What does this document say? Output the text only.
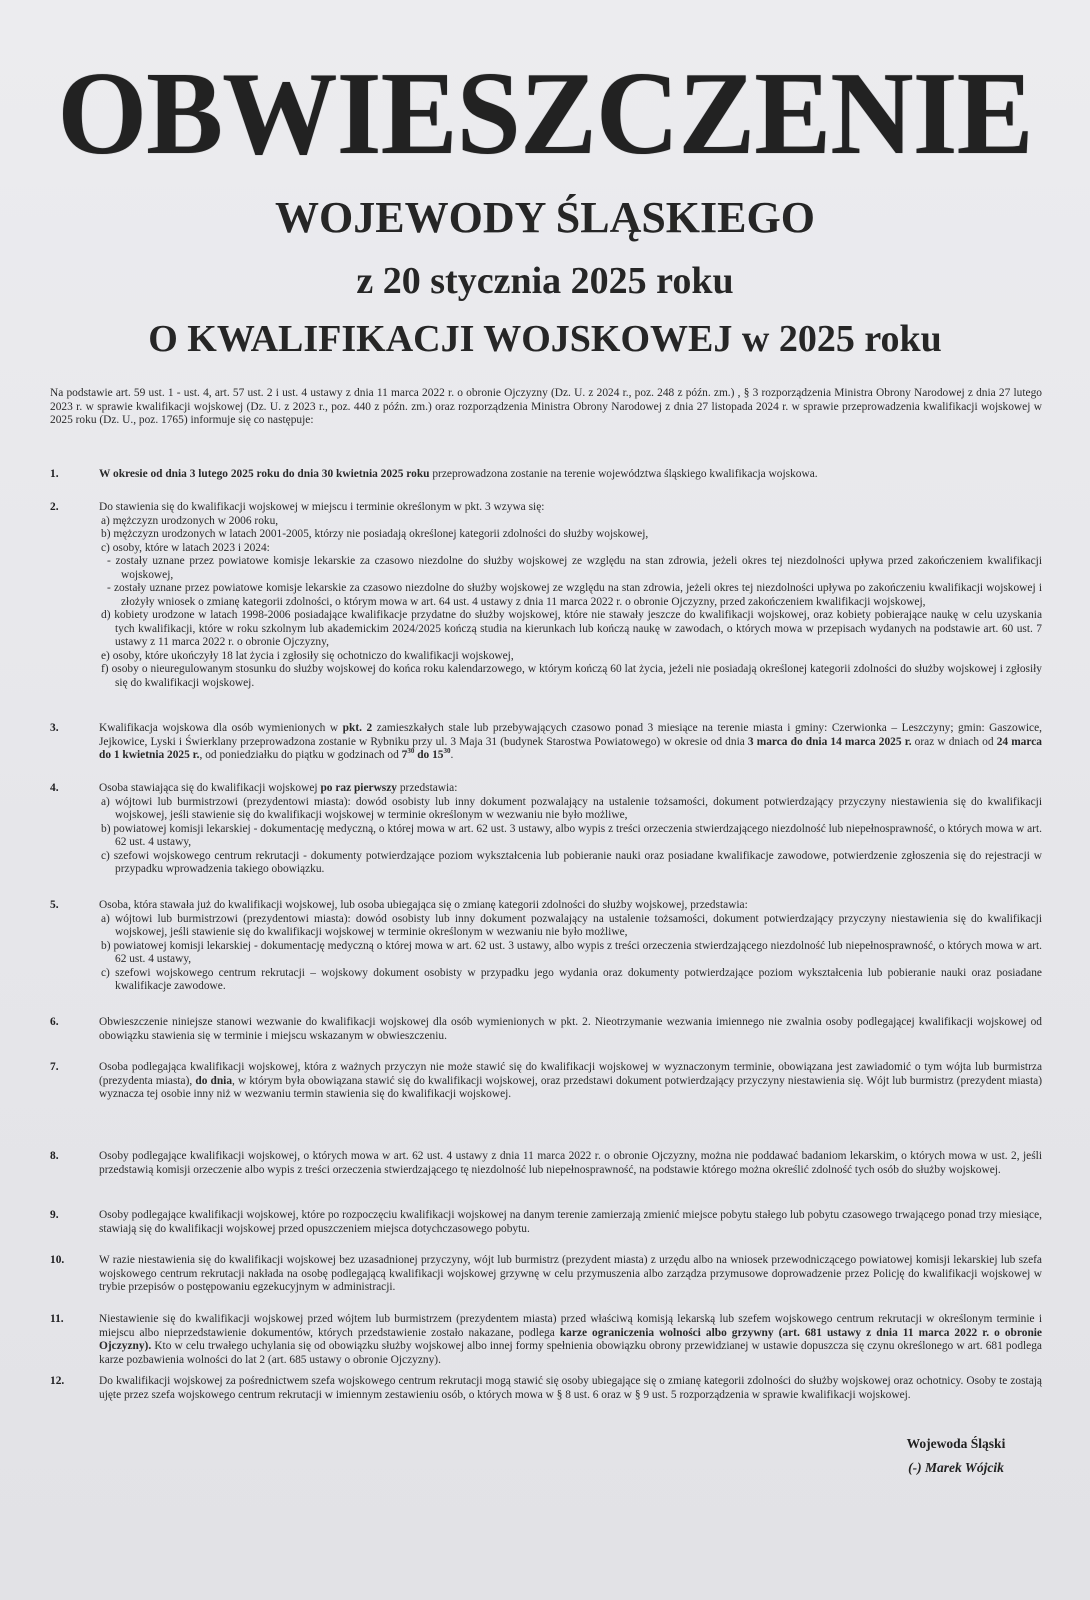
OBWIESZCZENIE
WOJEWODY ŚLĄSKIEGO
z 20 stycznia 2025 roku
O KWALIFIKACJI WOJSKOWEJ w 2025 roku
Na podstawie art. 59 ust. 1 - ust. 4, art. 57 ust. 2 i ust. 4 ustawy z dnia 11 marca 2022 r. o obronie Ojczyzny (Dz. U. z 2024 r., poz. 248 z późn. zm.) , § 3 rozporządzenia Ministra Obrony Narodowej z dnia 27 lutego 2023 r. w sprawie kwalifikacji wojskowej (Dz. U. z 2023 r., poz. 440 z późn. zm.) oraz rozporządzenia Ministra Obrony Narodowej z dnia 27 listopada 2024 r. w sprawie przeprowadzenia kwalifikacji wojskowej w 2025 roku (Dz. U., poz. 1765) informuje się co następuje:
1.	W okresie od dnia 3 lutego 2025 roku do dnia 30 kwietnia 2025 roku przeprowadzona zostanie na terenie województwa śląskiego kwalifikacja wojskowa.
2.	Do stawienia się do kwalifikacji wojskowej w miejscu i terminie określonym w pkt. 3 wzywa się:
a) mężczyzn urodzonych w 2006 roku,
b) mężczyzn urodzonych w latach 2001-2005, którzy nie posiadają określonej kategorii zdolności do służby wojskowej,
c) osoby, które w latach 2023 i 2024:
- zostały uznane przez powiatowe komisje lekarskie za czasowo niezdolne do służby wojskowej ze względu na stan zdrowia, jeżeli okres tej niezdolności upływa przed zakończeniem kwalifikacji wojskowej,
- zostały uznane przez powiatowe komisje lekarskie za czasowo niezdolne do służby wojskowej ze względu na stan zdrowia, jeżeli okres tej niezdolności upływa po zakończeniu kwalifikacji wojskowej i złożyły wniosek o zmianę kategorii zdolności, o którym mowa w art. 64 ust. 4 ustawy z dnia 11 marca 2022 r. o obronie Ojczyzny, przed zakończeniem kwalifikacji wojskowej,
d) kobiety urodzone w latach 1998-2006 posiadające kwalifikacje przydatne do służby wojskowej, które nie stawały jeszcze do kwalifikacji wojskowej, oraz kobiety pobierające naukę w celu uzyskania tych kwalifikacji, które w roku szkolnym lub akademickim 2024/2025 kończą studia na kierunkach lub kończą naukę w zawodach, o których mowa w przepisach wydanych na podstawie art. 60 ust. 7 ustawy z 11 marca 2022 r. o obronie Ojczyzny,
e) osoby, które ukończyły 18 lat życia i zgłosiły się ochotniczo do kwalifikacji wojskowej,
f) osoby o nieuregulowanym stosunku do służby wojskowej do końca roku kalendarzowego, w którym kończą 60 lat życia, jeżeli nie posiadają określonej kategorii zdolności do służby wojskowej i zgłosiły się do kwalifikacji wojskowej.
3.	Kwalifikacja wojskowa dla osób wymienionych w pkt. 2 zamieszkałych stale lub przebywających czasowo ponad 3 miesiące na terenie miasta i gminy: Czerwionka – Leszczyny; gmin: Gaszowice, Jejkowice, Lyski i Świerklany przeprowadzona zostanie w Rybniku przy ul. 3 Maja 31 (budynek Starostwa Powiatowego) w okresie od dnia 3 marca do dnia 14 marca 2025 r. oraz w dniach od 24 marca do 1 kwietnia 2025 r., od poniedziałku do piątku w godzinach od $7^{30}$ do $15^{30}$.
4.	Osoba stawiająca się do kwalifikacji wojskowej po raz pierwszy przedstawia:
a) wójtowi lub burmistrzowi (prezydentowi miasta): dowód osobisty lub inny dokument pozwalający na ustalenie tożsamości, dokument potwierdzający przyczyny niestawienia się do kwalifikacji wojskowej, jeśli stawienie się do kwalifikacji wojskowej w terminie określonym w wezwaniu nie było możliwe,
b) powiatowej komisji lekarskiej - dokumentację medyczną, o której mowa w art. 62 ust. 3 ustawy, albo wypis z treści orzeczenia stwierdzającego niezdolność lub niepełnosprawność, o których mowa w art. 62 ust. 4 ustawy,
c) szefowi wojskowego centrum rekrutacji - dokumenty potwierdzające poziom wykształcenia lub pobieranie nauki oraz posiadane kwalifikacje zawodowe, potwierdzenie zgłoszenia się do rejestracji w przypadku wprowadzenia takiego obowiązku.
5.	Osoba, która stawała już do kwalifikacji wojskowej, lub osoba ubiegająca się o zmianę kategorii zdolności do służby wojskowej, przedstawia:
a) wójtowi lub burmistrzowi (prezydentowi miasta): dowód osobisty lub inny dokument pozwalający na ustalenie tożsamości, dokument potwierdzający przyczyny niestawienia się do kwalifikacji wojskowej, jeśli stawienie się do kwalifikacji wojskowej w terminie określonym w wezwaniu nie było możliwe,
b) powiatowej komisji lekarskiej - dokumentację medyczną o której mowa w art. 62 ust. 3 ustawy, albo wypis z treści orzeczenia stwierdzającego niezdolność lub niepełnosprawność, o których mowa w art. 62 ust. 4 ustawy,
c) szefowi wojskowego centrum rekrutacji – wojskowy dokument osobisty w przypadku jego wydania oraz dokumenty potwierdzające poziom wykształcenia lub pobieranie nauki oraz posiadane kwalifikacje zawodowe.
6.	Obwieszczenie niniejsze stanowi wezwanie do kwalifikacji wojskowej dla osób wymienionych w pkt. 2. Nieotrzymanie wezwania imiennego nie zwalnia osoby podlegającej kwalifikacji wojskowej od obowiązku stawienia się w terminie i miejscu wskazanym w obwieszczeniu.
7.	Osoba podlegająca kwalifikacji wojskowej, która z ważnych przyczyn nie może stawić się do kwalifikacji wojskowej w wyznaczonym terminie, obowiązana jest zawiadomić o tym wójta lub burmistrza (prezydenta miasta), do dnia, w którym była obowiązana stawić się do kwalifikacji wojskowej, oraz przedstawi dokument potwierdzający przyczyny niestawienia się. Wójt lub burmistrz (prezydent miasta) wyznacza tej osobie inny niż w wezwaniu termin stawienia się do kwalifikacji wojskowej.
8.	Osoby podlegające kwalifikacji wojskowej, o których mowa w art. 62 ust. 4 ustawy z dnia 11 marca 2022 r. o obronie Ojczyzny, można nie poddawać badaniom lekarskim, o których mowa w ust. 2, jeśli przedstawią komisji orzeczenie albo wypis z treści orzeczenia stwierdzającego tę niezdolność lub niepełnosprawność, na podstawie którego można określić zdolność tych osób do służby wojskowej.
9.	Osoby podlegające kwalifikacji wojskowej, które po rozpoczęciu kwalifikacji wojskowej na danym terenie zamierzają zmienić miejsce pobytu stałego lub pobytu czasowego trwającego ponad trzy miesiące, stawiają się do kwalifikacji wojskowej przed opuszczeniem miejsca dotychczasowego pobytu.
10.	W razie niestawienia się do kwalifikacji wojskowej bez uzasadnionej przyczyny, wójt lub burmistrz (prezydent miasta) z urzędu albo na wniosek przewodniczącego powiatowej komisji lekarskiej lub szefa wojskowego centrum rekrutacji nakłada na osobę podlegającą kwalifikacji wojskowej grzywnę w celu przymuszenia albo zarządza przymusowe doprowadzenie przez Policję do kwalifikacji wojskowej w trybie przepisów o postępowaniu egzekucyjnym w administracji.
11.	Niestawienie się do kwalifikacji wojskowej przed wójtem lub burmistrzem (prezydentem miasta) przed właściwą komisją lekarską lub szefem wojskowego centrum rekrutacji w określonym terminie i miejscu albo nieprzedstawienie dokumentów, których przedstawienie zostało nakazane, podlega karze ograniczenia wolności albo grzywny (art. 681 ustawy z dnia 11 marca 2022 r. o obronie Ojczyzny). Kto w celu trwałego uchylania się od obowiązku służby wojskowej albo innej formy spełnienia obowiązku obrony przewidzianej w ustawie dopuszcza się czynu określonego w art. 681 podlega karze pozbawienia wolności do lat 2 (art. 685 ustawy o obronie Ojczyzny).
12.	Do kwalifikacji wojskowej za pośrednictwem szefa wojskowego centrum rekrutacji mogą stawić się osoby ubiegające się o zmianę kategorii zdolności do służby wojskowej oraz ochotnicy. Osoby te zostają ujęte przez szefa wojskowego centrum rekrutacji w imiennym zestawieniu osób, o których mowa w § 8 ust. 6 oraz w § 9 ust. 5 rozporządzenia w sprawie kwalifikacji wojskowej.
Wojewoda Śląski
(-) Marek Wójcik
